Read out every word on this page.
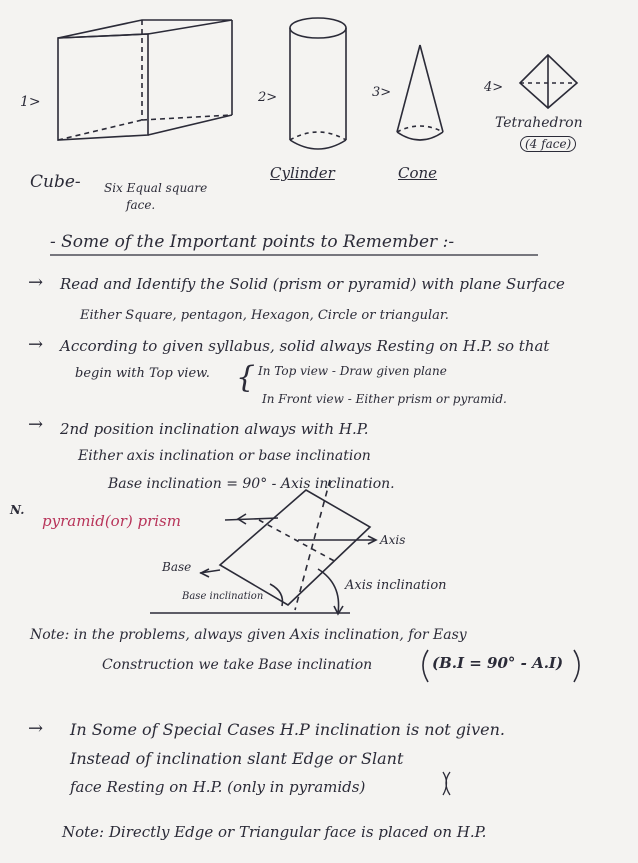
1>
Cube- Six Equal square
face.
2>
Cylinder
3>
Cone
4>
Tetrahedron
(4 face)
- Some of the Important points to Remember :-
→ Read and Identify the Solid (prism or pyramid) with plane Surface
Either Square, pentagon, Hexagon, Circle or triangular.
→ According to given syllabus, solid always Resting on H.P. so that
begin with Top view. { In Top view - Draw given plane
In Front view - Either prism or pyramid.
→ 2nd position inclination always with H.P.
Either axis inclination or base inclination
Base inclination = 90° - Axis inclination.
N.
pyramid(or) prism
Axis
Base
Base inclination
Axis inclination
Note: in the problems, always given Axis inclination, for Easy
Construction we take Base inclination	(B.I = 90° - A.I)
→ In Some of Special Cases H.P inclination is not given.
Instead of inclination slant Edge or Slant
face Resting on H.P. (only in pyramids)
Note: Directly Edge or Triangular face is placed on H.P.
